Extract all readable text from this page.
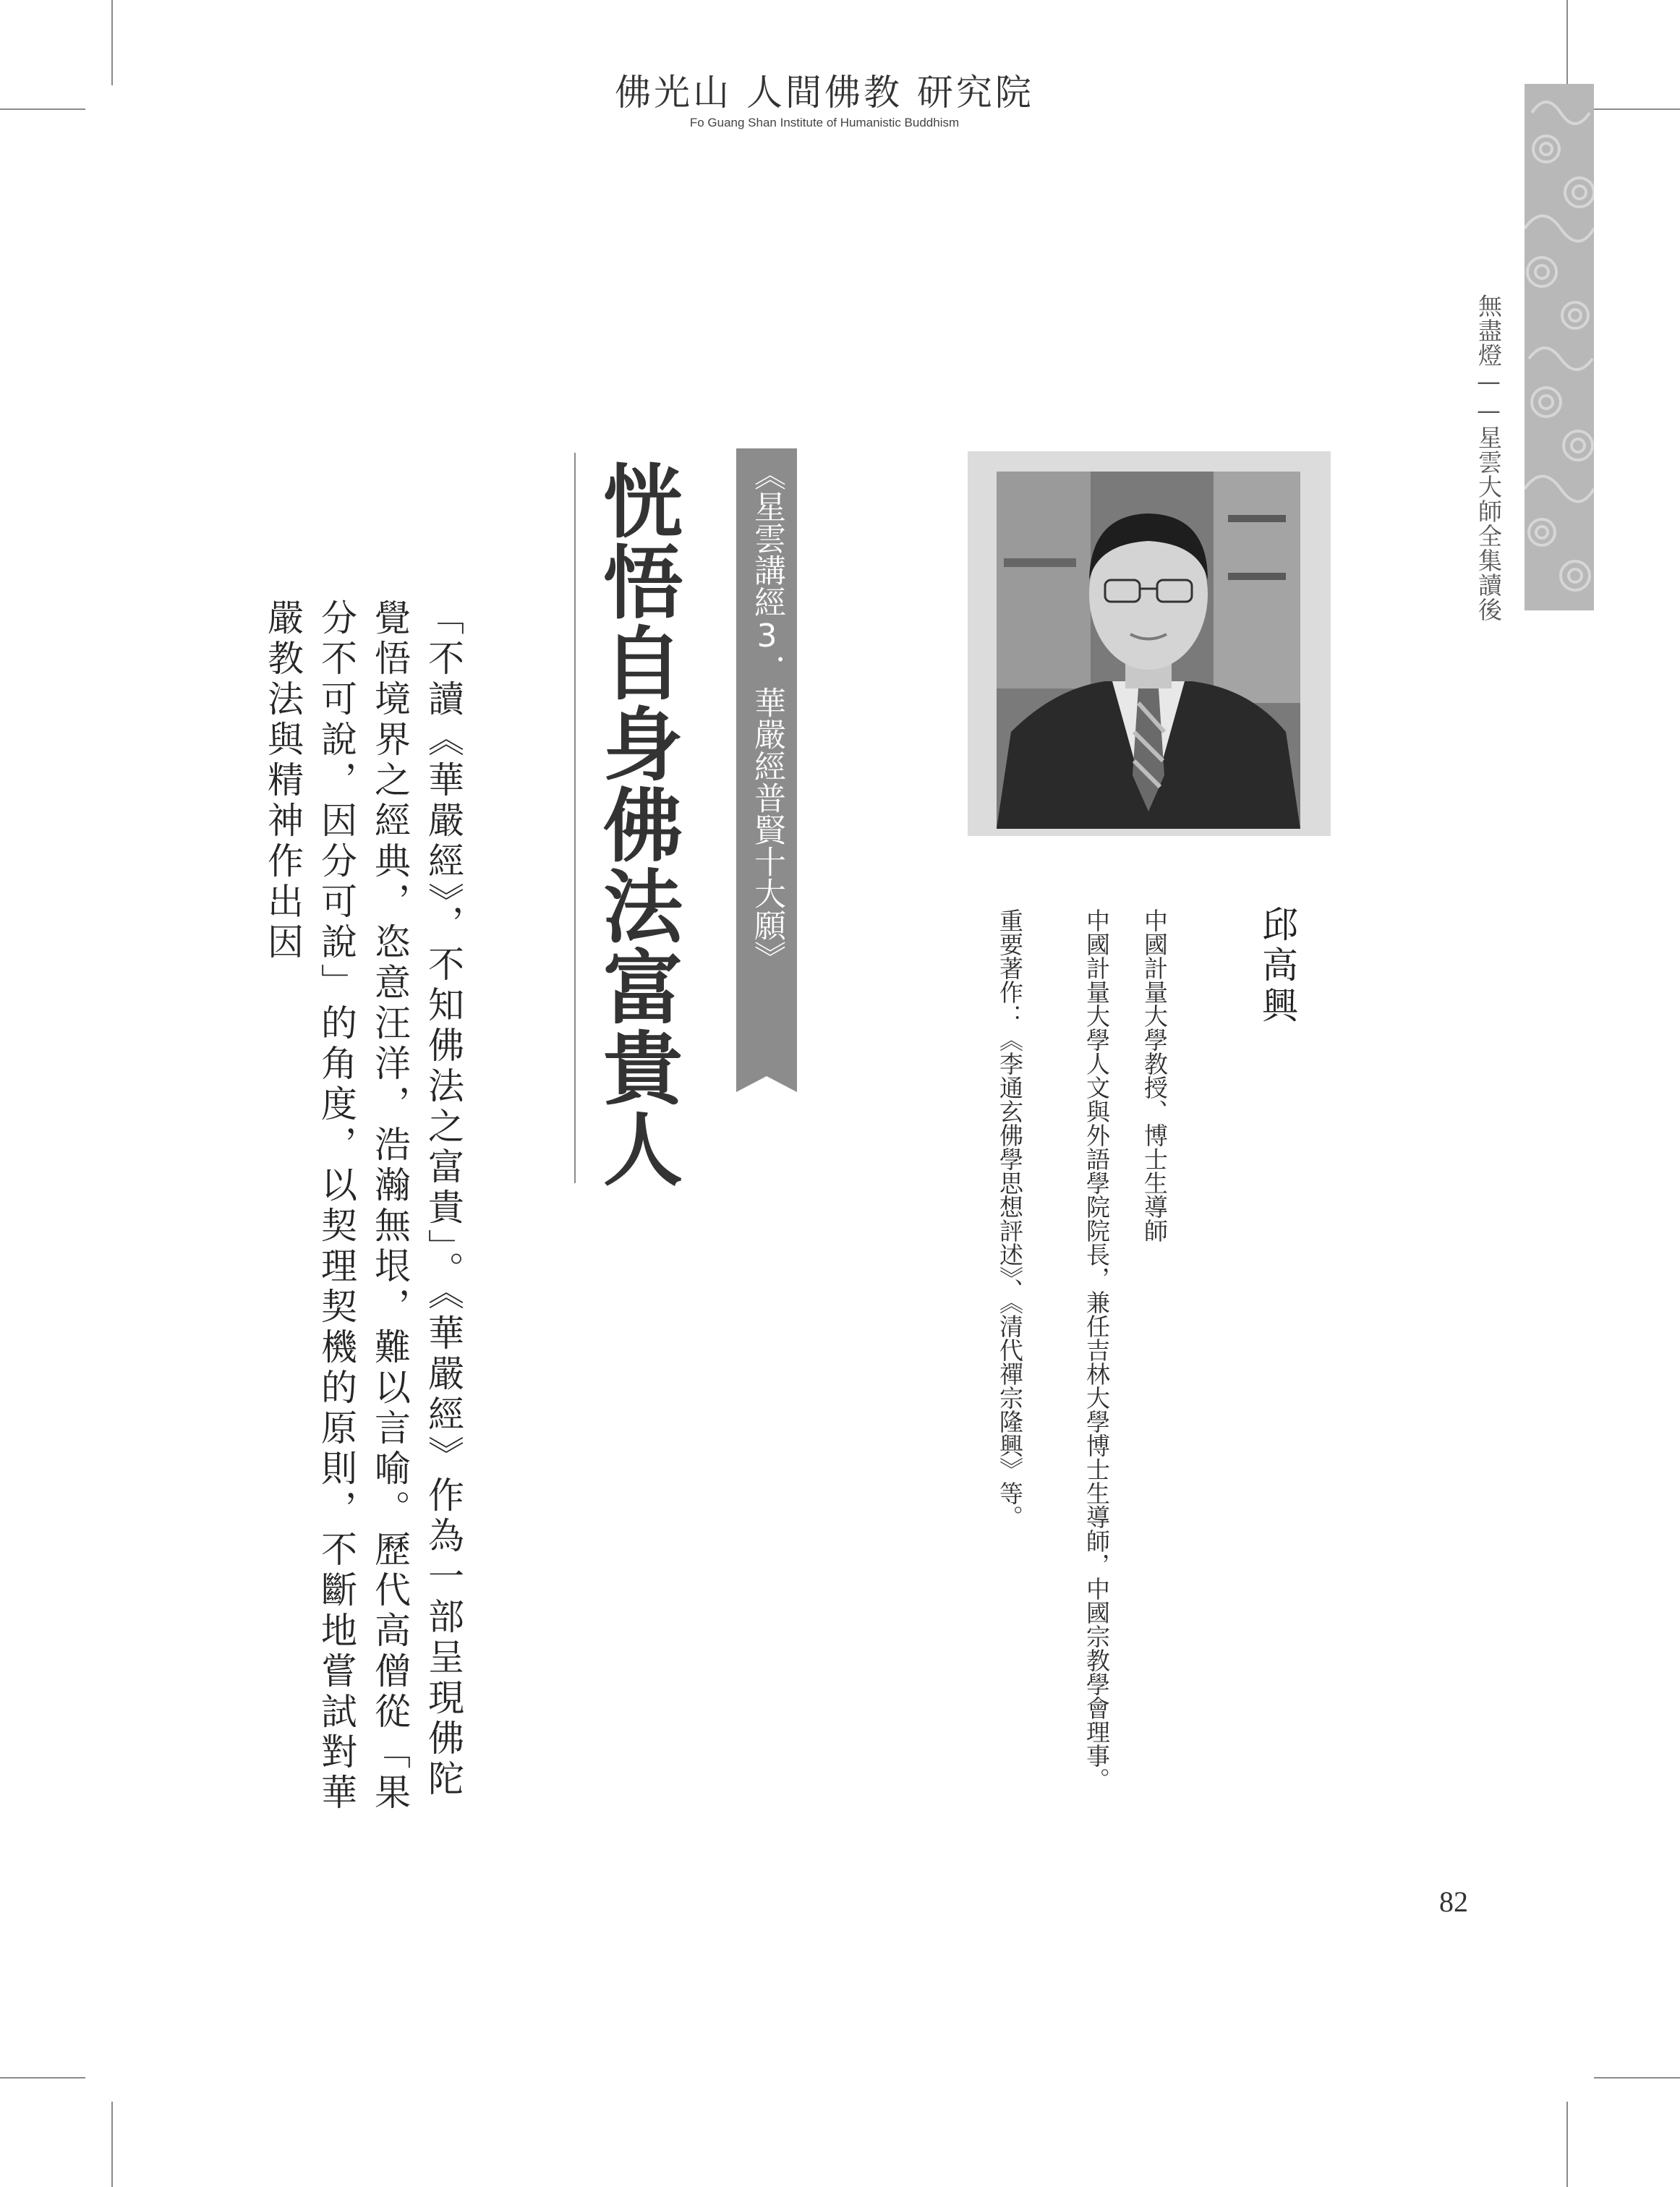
佛光山 人間佛教 研究院
Fo Guang Shan Institute of Humanistic Buddhism
無盡燈——星雲大師全集讀後
邱高興
中國計量大學教授、博士生導師
中國計量大學人文與外語學院院長，兼任吉林大學博士生導師，中國宗教學會理事。
重要著作：《李通玄佛學思想評述》、《清代禪宗隆興》等。
《星雲講經3．華嚴經普賢十大願》
恍悟自身佛法富貴人
「不讀《華嚴經》，不知佛法之富貴」。《華嚴經》作為一部呈現佛陀覺悟境界之經典，恣意汪洋，浩瀚無垠，難以言喻。歷代高僧從「果分不可說，因分可說」的角度，以契理契機的原則，不斷地嘗試對華嚴教法與精神作出因
82
